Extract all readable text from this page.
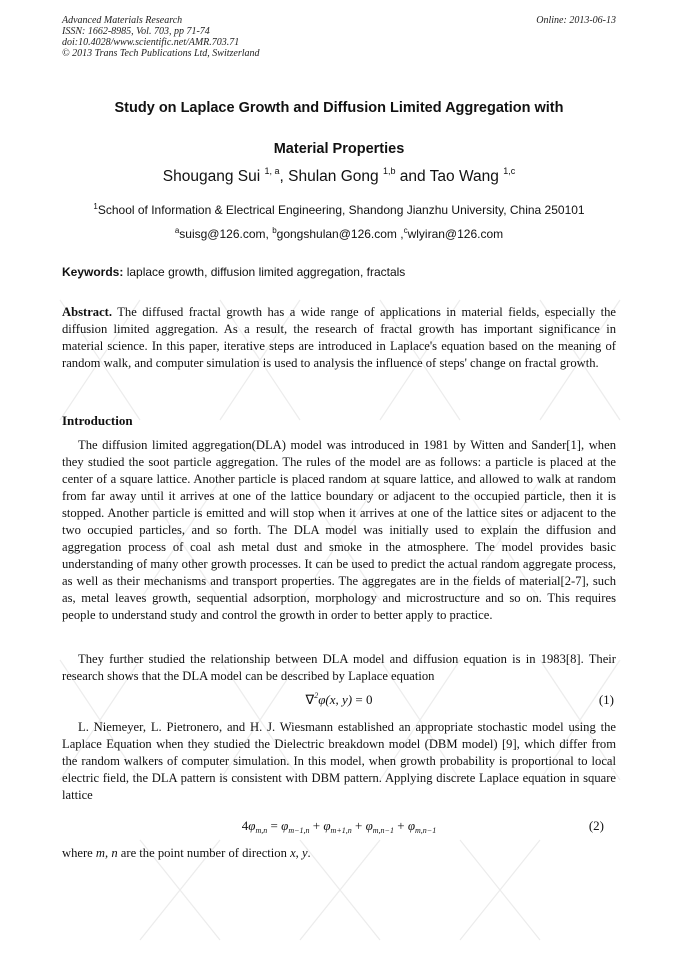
Advanced Materials Research
ISSN: 1662-8985, Vol. 703, pp 71-74
doi:10.4028/www.scientific.net/AMR.703.71
© 2013 Trans Tech Publications Ltd, Switzerland
Online: 2013-06-13
Study on Laplace Growth and Diffusion Limited Aggregation with
Material Properties
Shougang Sui $^{1, a}$, Shulan Gong $^{1,b}$ and Tao Wang $^{1,c}$
$^1$School of Information & Electrical Engineering, Shandong Jianzhu University, China 250101
$^a$suisg@126.com, $^b$gongshulan@126.com ,$^c$wlyiran@126.com
Keywords: laplace growth, diffusion limited aggregation, fractals
Abstract. The diffused fractal growth has a wide range of applications in material fields, especially the diffusion limited aggregation. As a result, the research of fractal growth has important significance in material science. In this paper, iterative steps are introduced in Laplace's equation based on the meaning of random walk, and computer simulation is used to analysis the influence of steps' change on fractal growth.
Introduction
The diffusion limited aggregation(DLA) model was introduced in 1981 by Witten and Sander[1], when they studied the soot particle aggregation. The rules of the model are as follows: a particle is placed at the center of a square lattice. Another particle is placed random at square lattice, and allowed to walk at random from far away until it arrives at one of the lattice boundary or adjacent to the occupied particle, then it is stopped. Another particle is emitted and will stop when it arrives at one of the lattice sites or adjacent to the two occupied particles, and so forth. The DLA model was initially used to explain the diffusion and aggregation process of coal ash metal dust and smoke in the atmosphere. The model provides basic understanding of many other growth processes. It can be used to predict the actual random aggregate process, as well as their mechanisms and transport properties. The aggregates are in the fields of material[2-7], such as, metal leaves growth, sequential adsorption, morphology and microstructure and so on. This requires people to understand study and control the growth in order to better apply to practice.
They further studied the relationship between DLA model and diffusion equation is in 1983[8]. Their research shows that the DLA model can be described by Laplace equation
∇$^2$φ(x, y) = 0	(1)
L. Niemeyer, L. Pietronero, and H. J. Wiesmann established an appropriate stochastic model using the Laplace Equation when they studied the Dielectric breakdown model (DBM model) [9], which differ from the random walkers of computer simulation. In this model, when growth probability is proportional to local electric field, the DLA pattern is consistent with DBM pattern. Applying discrete Laplace equation in square lattice
$4\varphi_{m,n} = \varphi_{m-1,n} + \varphi_{m+1,n} + \varphi_{m,n-1} + \varphi_{m,n-1}$	(2)
where m, n are the point number of direction x, y.
